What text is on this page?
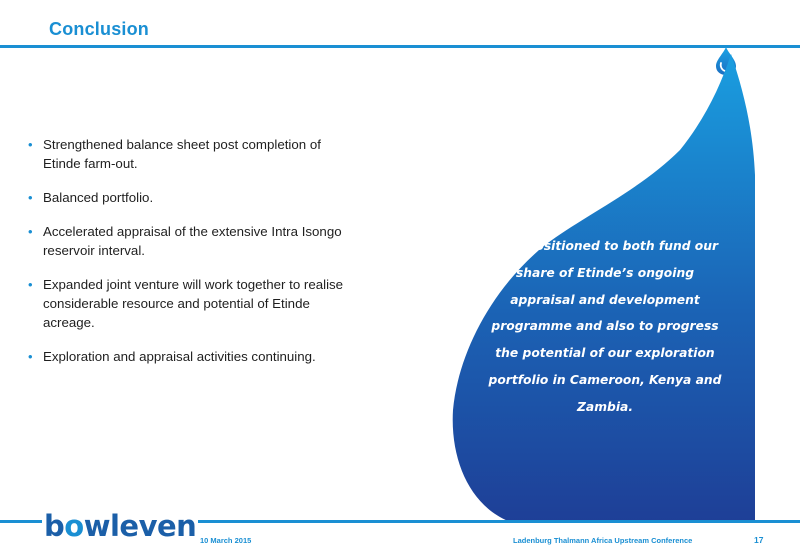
Conclusion
• Strengthened balance sheet post completion of Etinde farm-out.
• Balanced portfolio.
• Accelerated appraisal of the extensive Intra Isongo reservoir interval.
• Expanded joint venture will work together to realise considerable resource and potential of Etinde acreage.
• Exploration and appraisal activities continuing.
Well-positioned to both fund our
share of Etinde’s ongoing
appraisal and development
programme and also to progress
the potential of our exploration
portfolio in Cameroon, Kenya and
Zambia.
bowleven 10 March 2015	Ladenburg Thalmann Africa Upstream Conference	17
